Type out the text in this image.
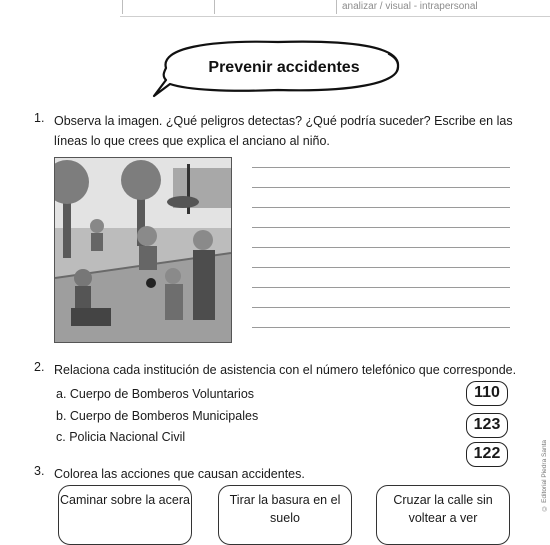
analizar / visual - intrapersonal
Prevenir accidentes
1. Observa la imagen. ¿Qué peligros detectas? ¿Qué podría suceder? Escribe en las líneas lo que crees que explica el anciano al niño.
2. Relaciona cada institución de asistencia con el número telefónico que corresponde.
a. Cuerpo de Bomberos Voluntarios
b. Cuerpo de Bomberos Municipales
c. Policia Nacional Civil
110
123
122
3. Colorea las acciones que causan accidentes.
Caminar sobre la acera	Tirar la basura en el suelo
Cruzar la calle sin voltear a ver
© Editorial Piedra Santa
